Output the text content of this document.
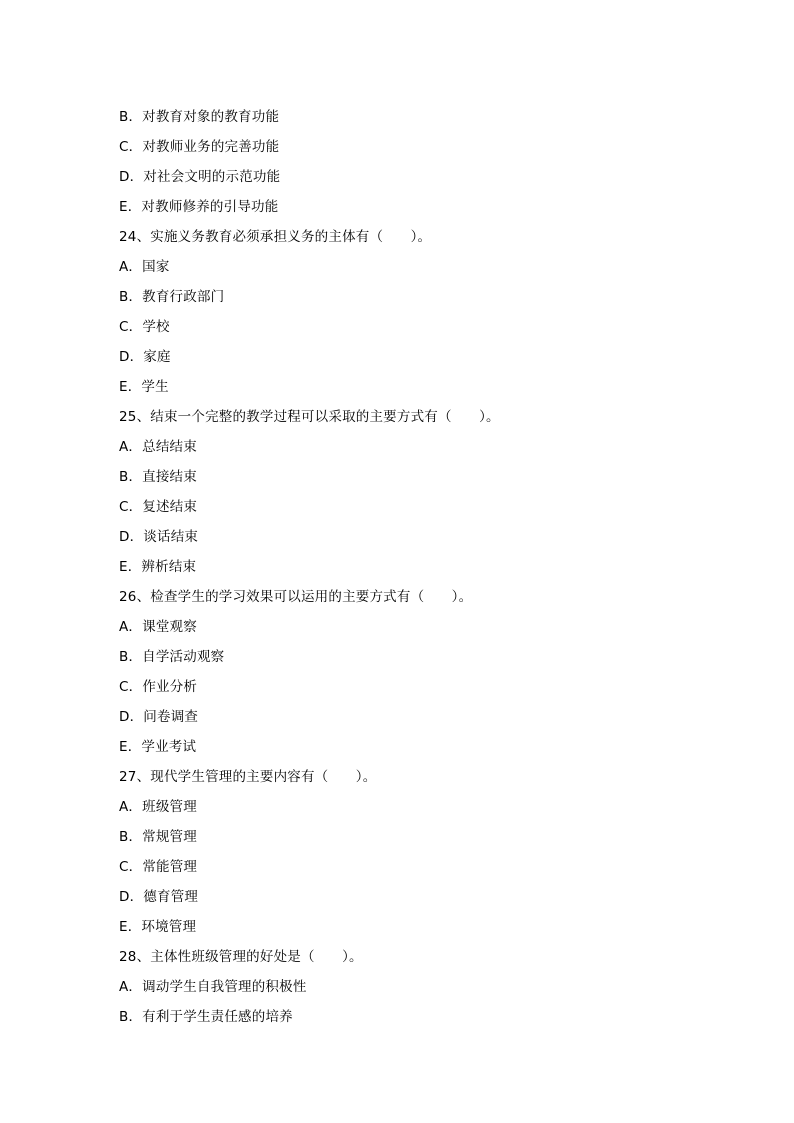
B．对教育对象的教育功能
C．对教师业务的完善功能
D．对社会文明的示范功能
E．对教师修养的引导功能
24、实施义务教育必须承担义务的主体有（　　）。
A．国家
B．教育行政部门
C．学校
D．家庭
E．学生
25、结束一个完整的教学过程可以采取的主要方式有（　　）。
A．总结结束
B．直接结束
C．复述结束
D．谈话结束
E．辨析结束
26、检查学生的学习效果可以运用的主要方式有（　　）。
A．课堂观察
B．自学活动观察
C．作业分析
D．问卷调查
E．学业考试
27、现代学生管理的主要内容有（　　）。
A．班级管理
B．常规管理
C．常能管理
D．德育管理
E．环境管理
28、主体性班级管理的好处是（　　）。
A．调动学生自我管理的积极性
B．有利于学生责任感的培养
